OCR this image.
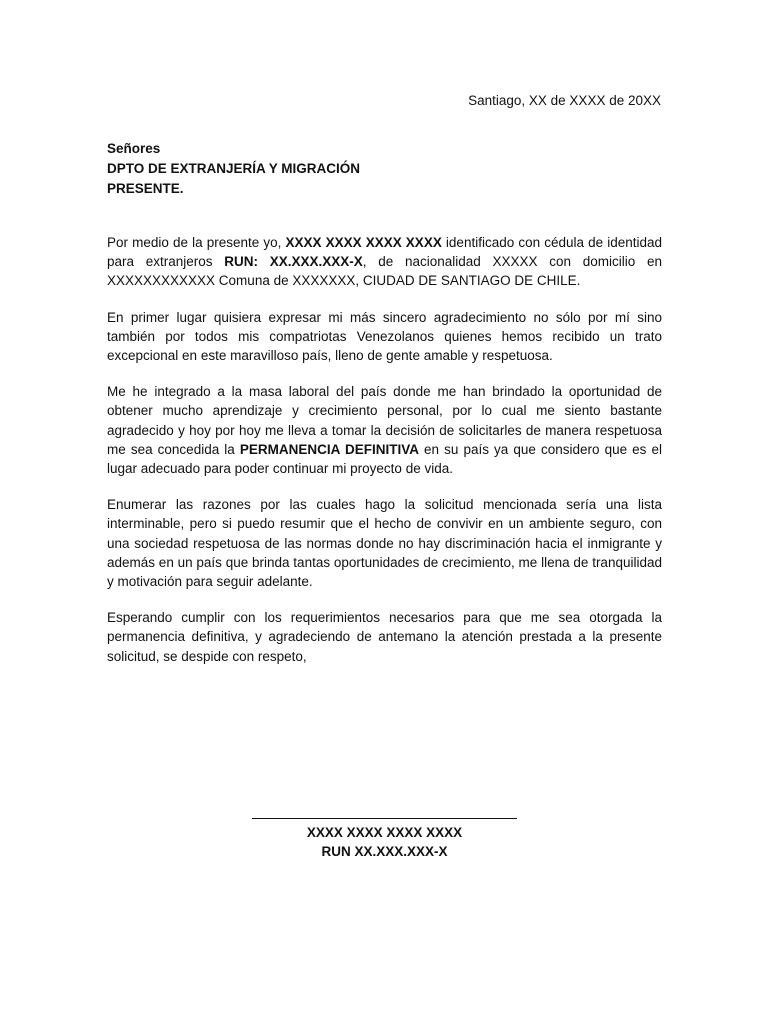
Santiago, XX de XXXX de 20XX
Señores
DPTO DE EXTRANJERÍA Y MIGRACIÓN
PRESENTE.

Por medio de la presente yo, XXXX XXXX XXXX XXXX identificado con cédula de identidad para extranjeros RUN: XX.XXX.XXX-X, de nacionalidad XXXXX con domicilio en XXXXXXXXXXXX Comuna de XXXXXXX, CIUDAD DE SANTIAGO DE CHILE.

En primer lugar quisiera expresar mi más sincero agradecimiento no sólo por mí sino también por todos mis compatriotas Venezolanos quienes hemos recibido un trato excepcional en este maravilloso país, lleno de gente amable y respetuosa.

Me he integrado a la masa laboral del país donde me han brindado la oportunidad de obtener mucho aprendizaje y crecimiento personal, por lo cual me siento bastante agradecido y hoy por hoy me lleva a tomar la decisión de solicitarles de manera respetuosa me sea concedida la PERMANENCIA DEFINITIVA en su país ya que considero que es el lugar adecuado para poder continuar mi proyecto de vida.

Enumerar las razones por las cuales hago la solicitud mencionada sería una lista interminable, pero si puedo resumir que el hecho de convivir en un ambiente seguro, con una sociedad respetuosa de las normas donde no hay discriminación hacia el inmigrante y además en un país que brinda tantas oportunidades de crecimiento, me llena de tranquilidad y motivación para seguir adelante.

Esperando cumplir con los requerimientos necesarios para que me sea otorgada la permanencia definitiva, y agradeciendo de antemano la atención prestada a la presente solicitud, se despide con respeto,

XXXX XXXX XXXX XXXX
RUN XX.XXX.XXX-X
